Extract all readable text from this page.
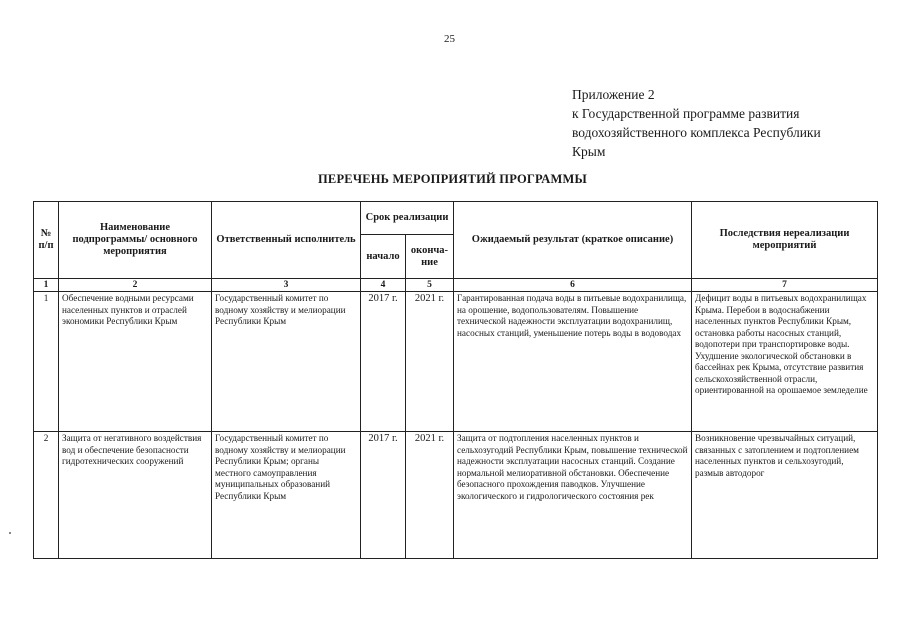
25
Приложение 2
к Государственной программе развития
водохозяйственного комплекса Республики
Крым
ПЕРЕЧЕНЬ МЕРОПРИЯТИЙ ПРОГРАММЫ
№ п/п	Наименование подпрограммы/ основного мероприятия	Ответственный исполнитель	Срок реализации		Ожидаемый результат (краткое описание)	Последствия нереализации мероприятий
			начало	оконча-ние		
1	2	3	4	5	6	7
1	Обеспечение водными ресурсами населенных пунктов и отраслей экономики Республики Крым	Государственный комитет по водному хозяйству и мелиорации Республики Крым	2017 г.	2021 г.	Гарантированная подача воды в питьевые водохранилища, на орошение, водопользователям. Повышение технической надежности эксплуатации водохранилищ, насосных станций, уменьшение потерь воды в водоводах	Дефицит воды в питьевых водохранилищах Крыма. Перебои в водоснабжении населенных пунктов Республики Крым, остановка работы насосных станций, водопотери при транспортировке воды. Ухудшение экологической обстановки в бассейнах рек Крыма, отсутствие развития сельскохозяйственной отрасли, ориентированной на орошаемое земледелие
2	Защита от негативного воздействия вод и обеспечение безопасности гидротехнических сооружений	Государственный комитет по водному хозяйству и мелиорации Республики Крым; органы местного самоуправления муниципальных образований Республики Крым	2017 г.	2021 г.	Защита от подтопления населенных пунктов и сельхозугодий Республики Крым, повышение технической надежности эксплуатации насосных станций. Создание нормальной мелиоративной обстановки. Обеспечение безопасного прохождения паводков. Улучшение экологического и гидрологического состояния рек	Возникновение чрезвычайных ситуаций, связанных с затоплением и подтоплением населенных пунктов и сельхозугодий, размыв автодорог
